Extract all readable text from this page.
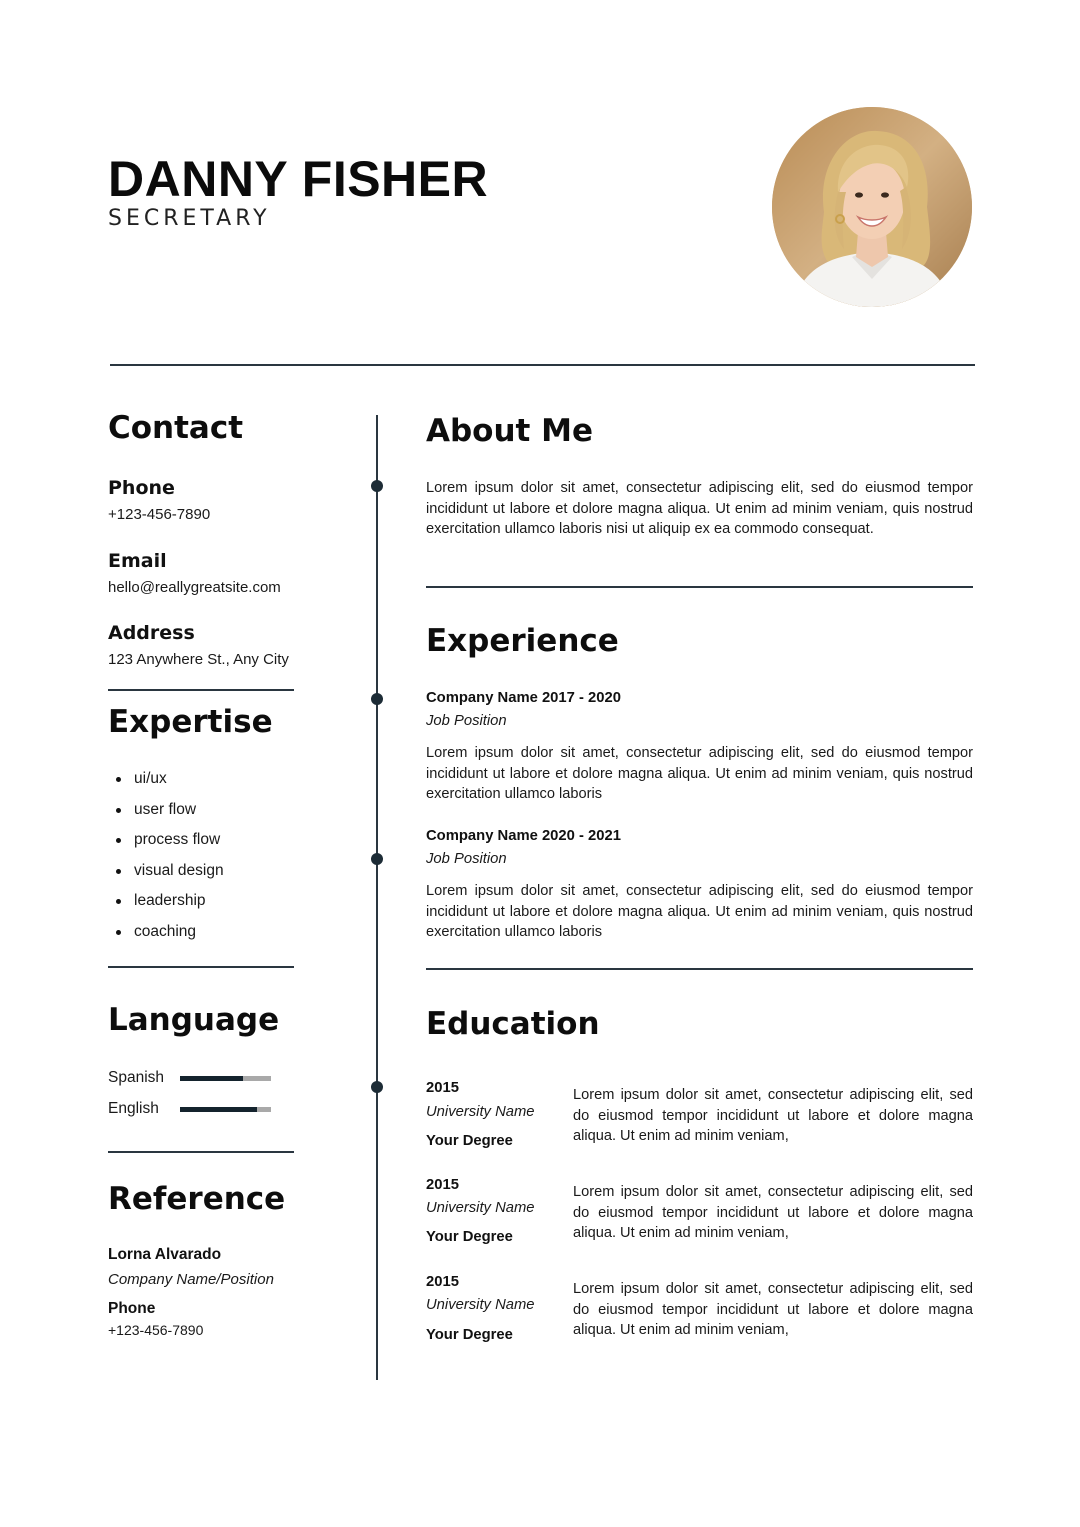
DANNY FISHER
SECRETARY
Contact
Phone
+123-456-7890
Email
hello@reallygreatsite.com
Address
123 Anywhere St., Any City
Expertise
ui/ux
user flow
process flow
visual design
leadership
coaching
Language
Spanish
English
Reference
Lorna Alvarado
Company Name/Position
Phone
+123-456-7890
About Me
Lorem ipsum dolor sit amet, consectetur adipiscing elit, sed do eiusmod tempor incididunt ut labore et dolore magna aliqua. Ut enim ad minim veniam, quis nostrud exercitation ullamco laboris nisi ut aliquip ex ea commodo consequat.
Experience
Company Name 2017 - 2020
Job Position
Lorem ipsum dolor sit amet, consectetur adipiscing elit, sed do eiusmod tempor incididunt ut labore et dolore magna aliqua. Ut enim ad minim veniam, quis nostrud exercitation ullamco laboris
Company Name 2020 - 2021
Job Position
Lorem ipsum dolor sit amet, consectetur adipiscing elit, sed do eiusmod tempor incididunt ut labore et dolore magna aliqua. Ut enim ad minim veniam, quis nostrud exercitation ullamco laboris
Education
2015
University Name
Your Degree
Lorem ipsum dolor sit amet, consectetur adipiscing elit, sed do eiusmod tempor incididunt ut labore et dolore magna aliqua. Ut enim ad minim veniam,
2015
University Name
Your Degree
Lorem ipsum dolor sit amet, consectetur adipiscing elit, sed do eiusmod tempor incididunt ut labore et dolore magna aliqua. Ut enim ad minim veniam,
2015
University Name
Your Degree
Lorem ipsum dolor sit amet, consectetur adipiscing elit, sed do eiusmod tempor incididunt ut labore et dolore magna aliqua. Ut enim ad minim veniam,
